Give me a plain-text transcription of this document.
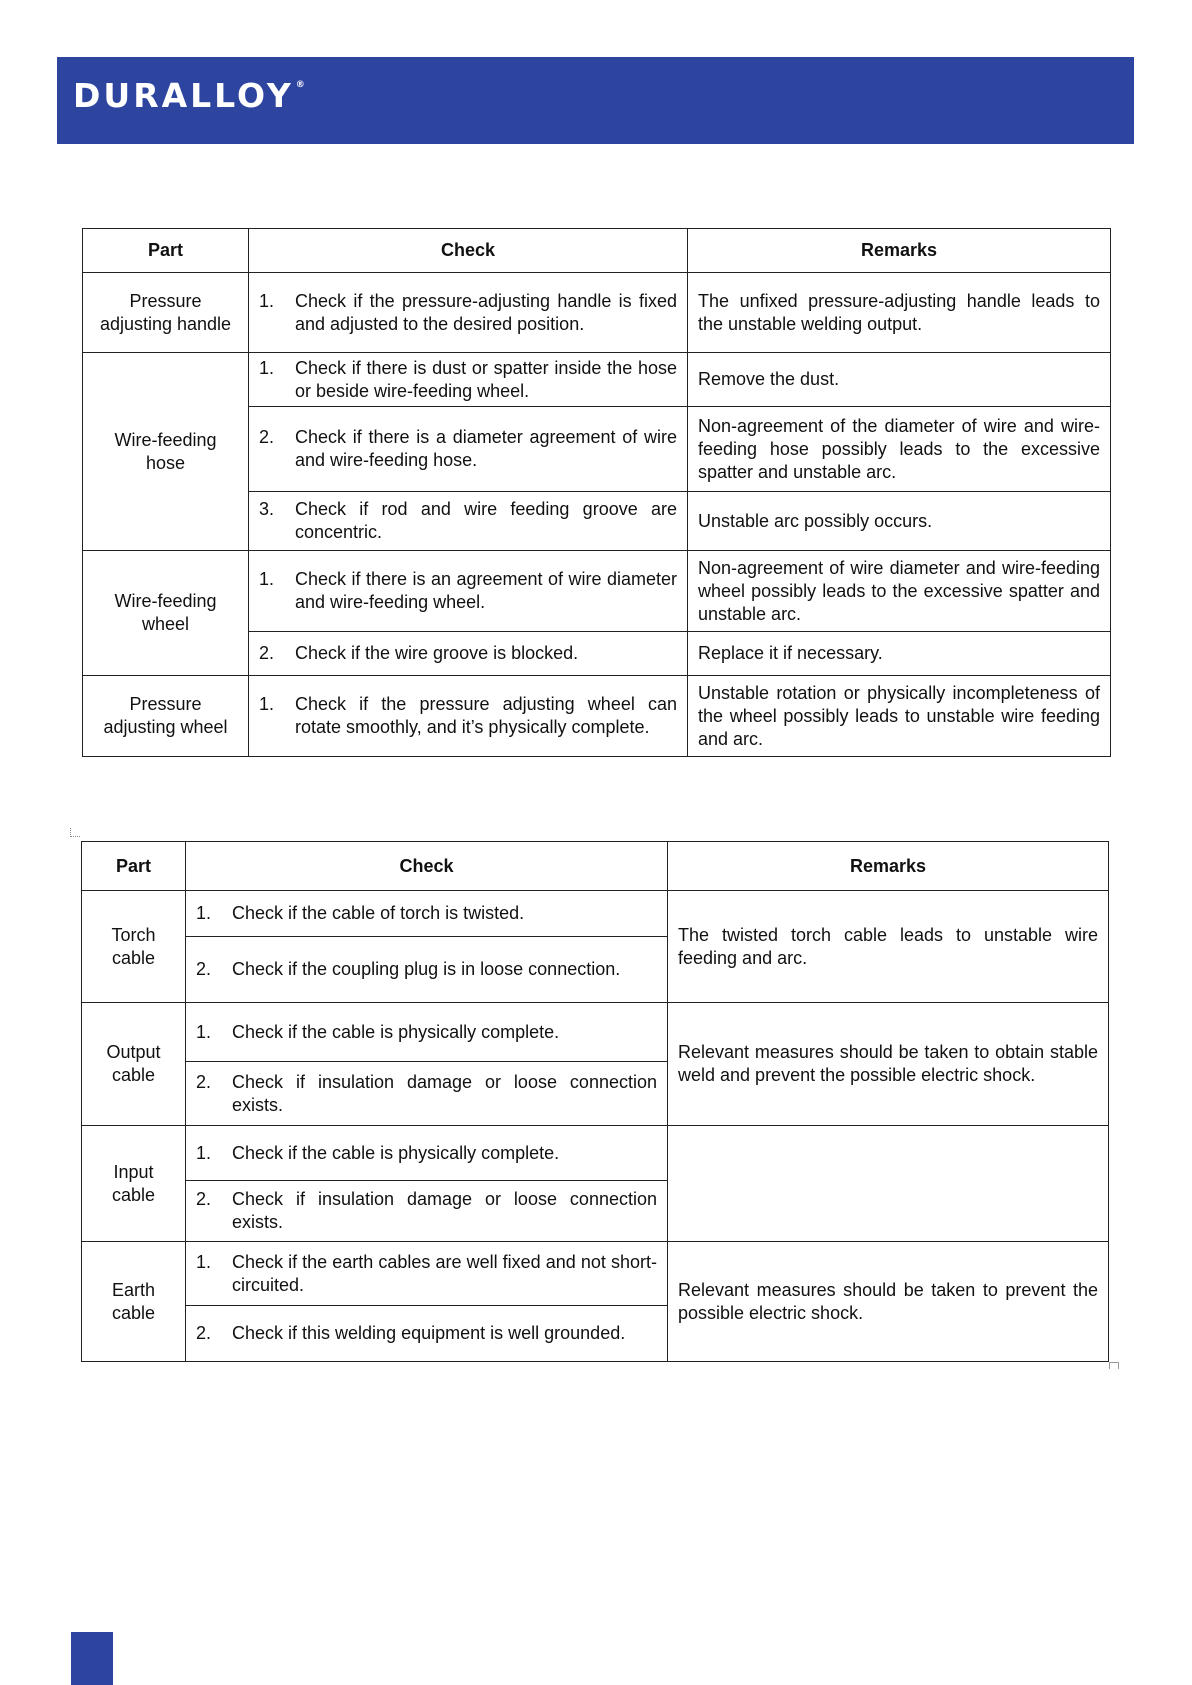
DURALLOY ®
Part	Check	Remarks
Pressure adjusting handle	1. Check if the pressure-adjusting handle is fixed and adjusted to the desired position.	The unfixed pressure-adjusting handle leads to the unstable welding output.
Wire-feeding hose	1. Check if there is dust or spatter inside the hose or beside wire-feeding wheel.	Remove the dust.

	2. Check if there is a diameter agreement of wire and wire-feeding hose.	Non-agreement of the diameter of wire and wire-feeding hose possibly leads to the excessive spatter and unstable arc.

	3. Check if rod and wire feeding groove are concentric.	Unstable arc possibly occurs.
Wire-feeding wheel	1. Check if there is an agreement of wire diameter and wire-feeding wheel.	Non-agreement of wire diameter and wire-feeding wheel possibly leads to the excessive spatter and unstable arc.

	2. Check if the wire groove is blocked.	Replace it if necessary.
Pressure adjusting wheel	1. Check if the pressure adjusting wheel can rotate smoothly, and it’s physically complete.	Unstable rotation or physically incompleteness of the wheel possibly leads to unstable wire feeding and arc.
Part	Check	Remarks
Torch cable	1. Check if the cable of torch is twisted.	The twisted torch cable leads to unstable wire feeding and arc.

	2. Check if the coupling plug is in loose connection.	

Output cable	1. Check if the cable is physically complete.	Relevant measures should be taken to obtain stable weld and prevent the possible electric shock.

	2. Check if insulation damage or loose connection exists.	

Input cable	1. Check if the cable is physically complete.	

	2. Check if insulation damage or loose connection exists.	

Earth cable	1. Check if the earth cables are well fixed and not short-circuited.	Relevant measures should be taken to prevent the possible electric shock.

	2. Check if this welding equipment is well grounded.	
